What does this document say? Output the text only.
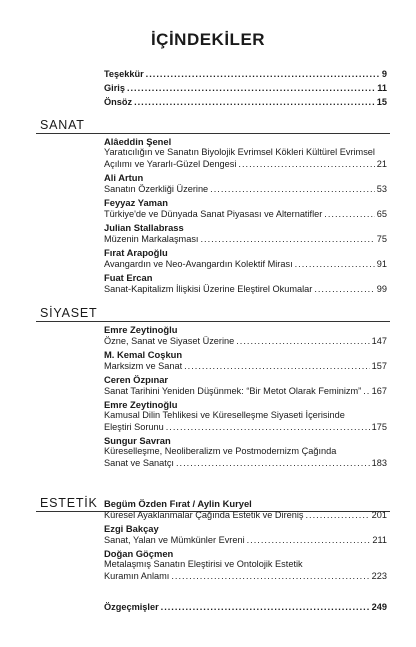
İÇİNDEKİLER
Teşekkür .....	9
Giriş .....	11
Önsöz .....	15
SANAT
Alâeddin Şenel
Yaratıcılığın ve Sanatın Biyolojik Evrimsel Kökleri Kültürel Evrimsel
Açılımı ve Yararlı-Güzel Dengesi .....	21
Ali Artun
Sanatın Özerkliği Üzerine .....	53
Feyyaz Yaman
Türkiye'de ve Dünyada Sanat Piyasası ve Alternatifler .....	65
Julian Stallabrass
Müzenin Markalaşması .....	75
Fırat Arapoğlu
Avangardın ve Neo-Avangardın Kolektif Mirası .....	91
Fuat Ercan
Sanat-Kapitalizm İlişkisi Üzerine Eleştirel Okumalar .....	99
SİYASET
Emre Zeytinoğlu
Özne, Sanat ve Siyaset Üzerine .....	147
M. Kemal Coşkun
Marksizm ve Sanat .....	157
Ceren Özpınar
Sanat Tarihini Yeniden Düşünmek: “Bir Metot Olarak Feminizm” ..... 167
Emre Zeytinoğlu
Kamusal Dilin Tehlikesi ve Küreselleşme Siyaseti İçerisinde
Eleştiri Sorunu .....	175
Sungur Savran
Küreselleşme, Neoliberalizm ve Postmodernizm Çağında
Sanat ve Sanatçı .....	183
ESTETİK Begüm Özden Fırat / Aylin Kuryel
Küresel Ayaklanmalar Çağında Estetik ve Direniş .....	201
Ezgi Bakçay
Sanat, Yalan ve Mümkünler Evreni .....	211
Doğan Göçmen
Metalaşmış Sanatın Eleştirisi ve Ontolojik Estetik
Kuramın Anlamı .....	223
Özgeçmişler .....	249
